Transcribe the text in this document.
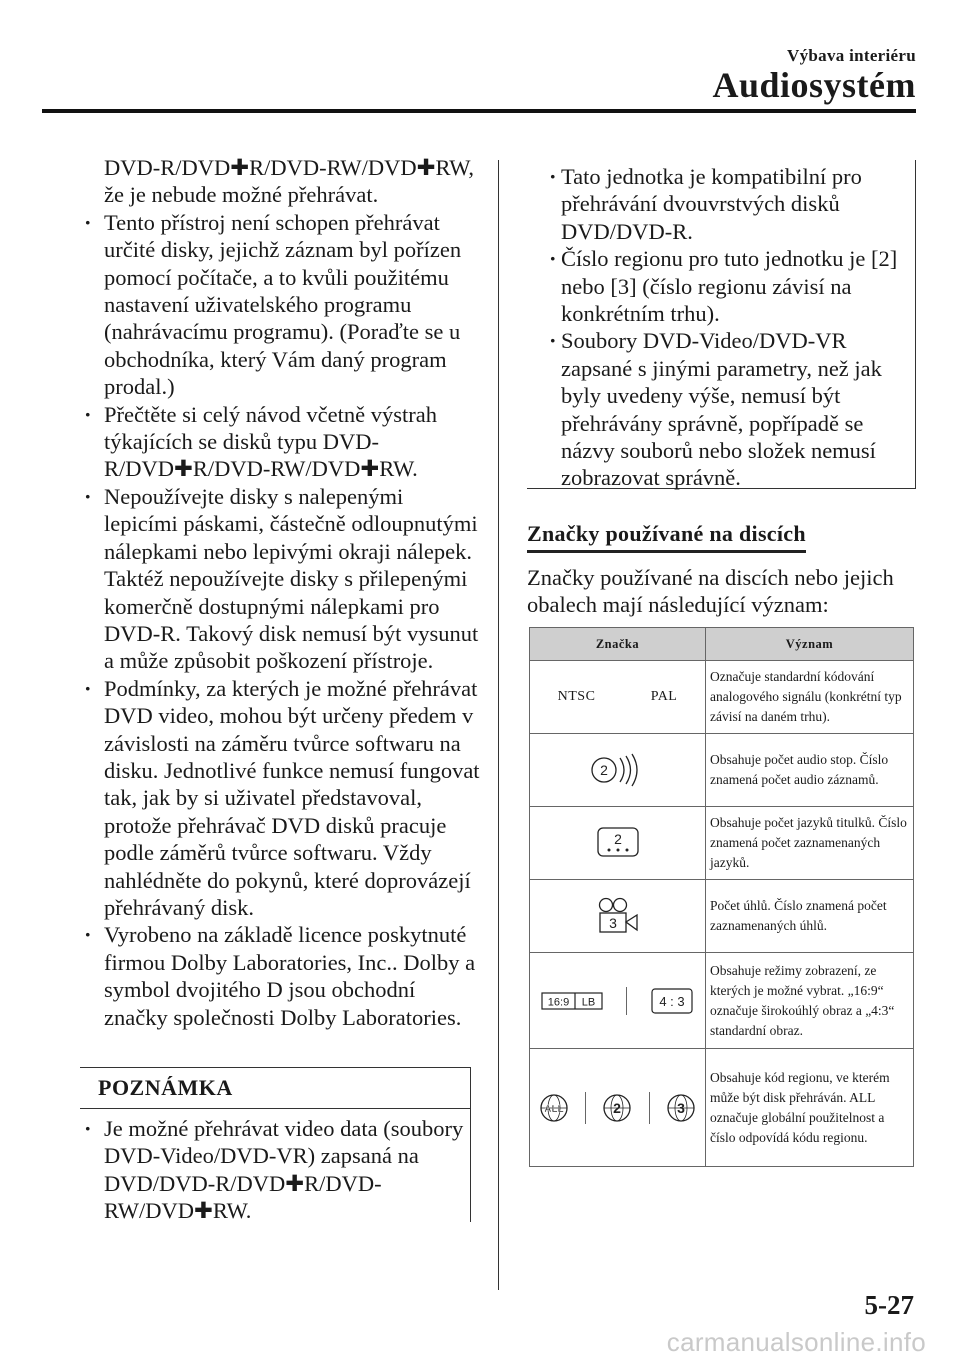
Výbava interiéru
Audiosystém

DVD-R/DVD✚R/DVD-RW/DVD✚RW, že je nebude možné přehrávat.

· Tento přístroj není schopen přehrávat určité disky, jejichž záznam byl pořízen pomocí počítače, a to kvůli použitému nastavení uživatelského programu (nahrávacímu programu). (Poraďte se u obchodníka, který Vám daný program prodal.)
· Přečtěte si celý návod včetně výstrah týkajících se disků typu DVD-R/DVD✚R/DVD-RW/DVD✚RW.
· Nepoužívejte disky s nalepenými lepicími páskami, částečně odloupnutými nálepkami nebo lepivými okraji nálepek. Taktéž nepoužívejte disky s přilepenými komerčně dostupnými nálepkami pro DVD-R. Takový disk nemusí být vysunut a může způsobit poškození přístroje.
· Podmínky, za kterých je možné přehrávat DVD video, mohou být určeny předem v závislosti na záměru tvůrce softwaru na disku. Jednotlivé funkce nemusí fungovat tak, jak by si uživatel představoval, protože přehrávač DVD disků pracuje podle záměrů tvůrce softwaru. Vždy nahlédněte do pokynů, které doprovázejí přehrávaný disk.
· Vyrobeno na základě licence poskytnuté firmou Dolby Laboratories, Inc.. Dolby a symbol dvojitého D jsou obchodní značky společnosti Dolby Laboratories.
POZNÁMKA
· Je možné přehrávat video data (soubory DVD-Video/DVD-VR) zapsaná na DVD/DVD-R/DVD✚R/DVD-RW/DVD✚RW.
· Tato jednotka je kompatibilní pro přehrávání dvouvrstvých disků DVD/DVD-R.
· Číslo regionu pro tuto jednotku je [2] nebo [3] (číslo regionu závisí na konkrétním trhu).
· Soubory DVD-Video/DVD-VR zapsané s jinými parametry, než jak byly uvedeny výše, nemusí být přehrávány správně, popřípadě se názvy souborů nebo složek nemusí zobrazovat správně.
Značky používané na discích
Značky používané na discích nebo jejich obalech mají následující význam:
Značka	Význam

NTSC PAL	Označuje standardní kódování analogového signálu (konkrétní typ závisí na daném trhu).

2	Obsahuje počet audio stop. Číslo znamená počet audio záznamů.

2	Obsahuje počet jazyků titulků. Číslo znamená počet zaznamenaných jazyků.

3	Počet úhlů. Číslo znamená počet zaznamenaných úhlů.

16:9 LB 4 : 3	Obsahuje režimy zobrazení, ze kterých je možné vybrat. „16:9“ označuje širokoúhlý obraz a „4:3“ standardní obraz.

ALL 2 3	Obsahuje kód regionu, ve kterém může být disk přehráván. ALL označuje globální použitelnost a číslo odpovídá kódu regionu.
5-27
carmanualsonline.info
